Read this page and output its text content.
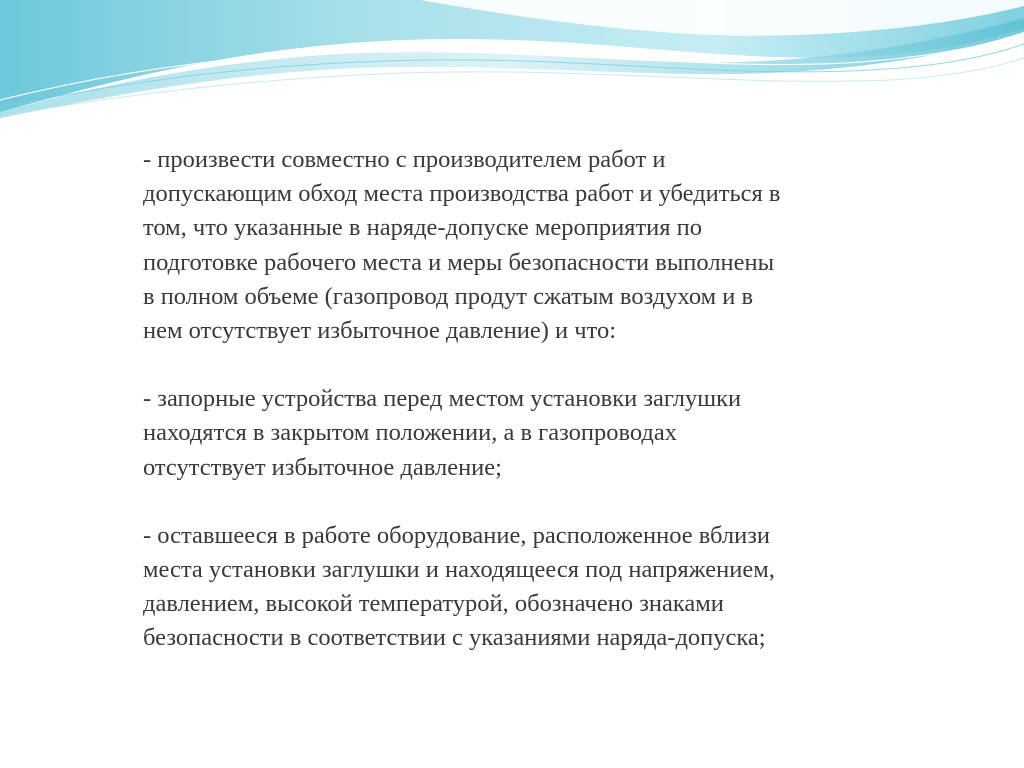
- произвести совместно с производителем работ и
допускающим обход места производства работ и убедиться в
том, что указанные в наряде-допуске мероприятия по
подготовке рабочего места и меры безопасности выполнены
в полном объеме (газопровод продут сжатым воздухом и в
нем отсутствует избыточное давление) и что:

- запорные устройства перед местом установки заглушки
находятся в закрытом положении, а в газопроводах
отсутствует избыточное давление;

- оставшееся в работе оборудование, расположенное вблизи
места установки заглушки и находящееся под напряжением,
давлением, высокой температурой, обозначено знаками
безопасности в соответствии с указаниями наряда-допуска;
